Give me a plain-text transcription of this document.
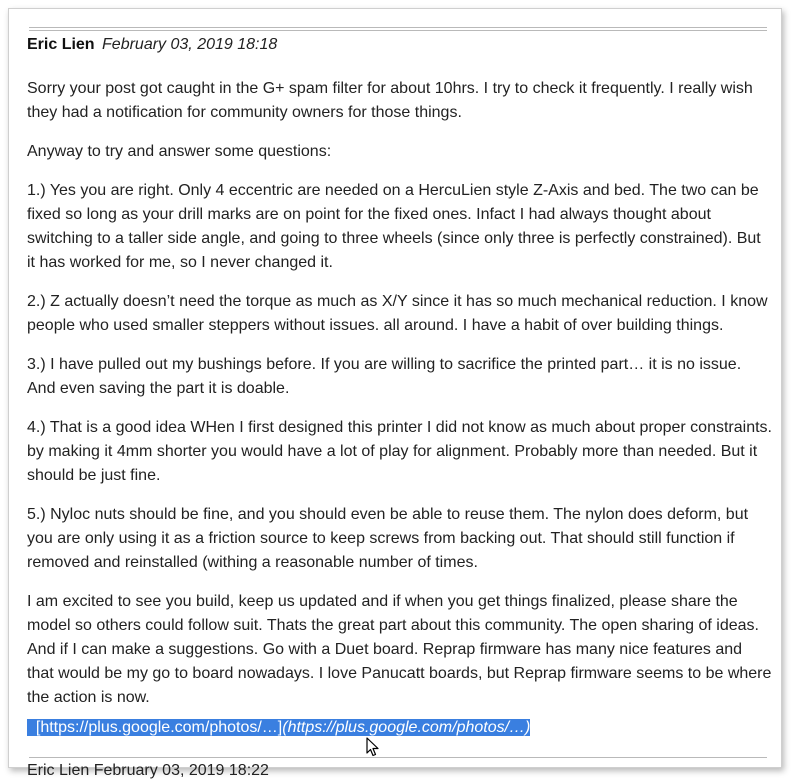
Eric Lien February 03, 2019 18:18

Sorry your post got caught in the G+ spam filter for about 10hrs. I try to check it frequently. I really wish they had a notification for community owners for those things.

Anyway to try and answer some questions:

1.) Yes you are right. Only 4 eccentric are needed on a HercuLien style Z-Axis and bed. The two can be fixed so long as your drill marks are on point for the fixed ones. Infact I had always thought about switching to a taller side angle, and going to three wheels (since only three is perfectly constrained). But it has worked for me, so I never changed it.

2.) Z actually doesn’t need the torque as much as X/Y since it has so much mechanical reduction. I know people who used smaller steppers without issues. all around. I have a habit of over building things.

3.) I have pulled out my bushings before. If you are willing to sacrifice the printed part… it is no issue. And even saving the part it is doable.

4.) That is a good idea WHen I first designed this printer I did not know as much about proper constraints. by making it 4mm shorter you would have a lot of play for alignment. Probably more than needed. But it should be just fine.

5.) Nyloc nuts should be fine, and you should even be able to reuse them. The nylon does deform, but you are only using it as a friction source to keep screws from backing out. That should still function if removed and reinstalled (withing a reasonable number of times.

I am excited to see you build, keep us updated and if when you get things finalized, please share the model so others could follow suit. Thats the great part about this community. The open sharing of ideas. And if I can make a suggestions. Go with a Duet board. Reprap firmware has many nice features and that would be my go to board nowadays. I love Panucatt boards, but Reprap firmware seems to be where the action is now.

[https://plus.google.com/photos/…](https://plus.google.com/photos/…)
Eric Lien February 03, 2019 18:22
